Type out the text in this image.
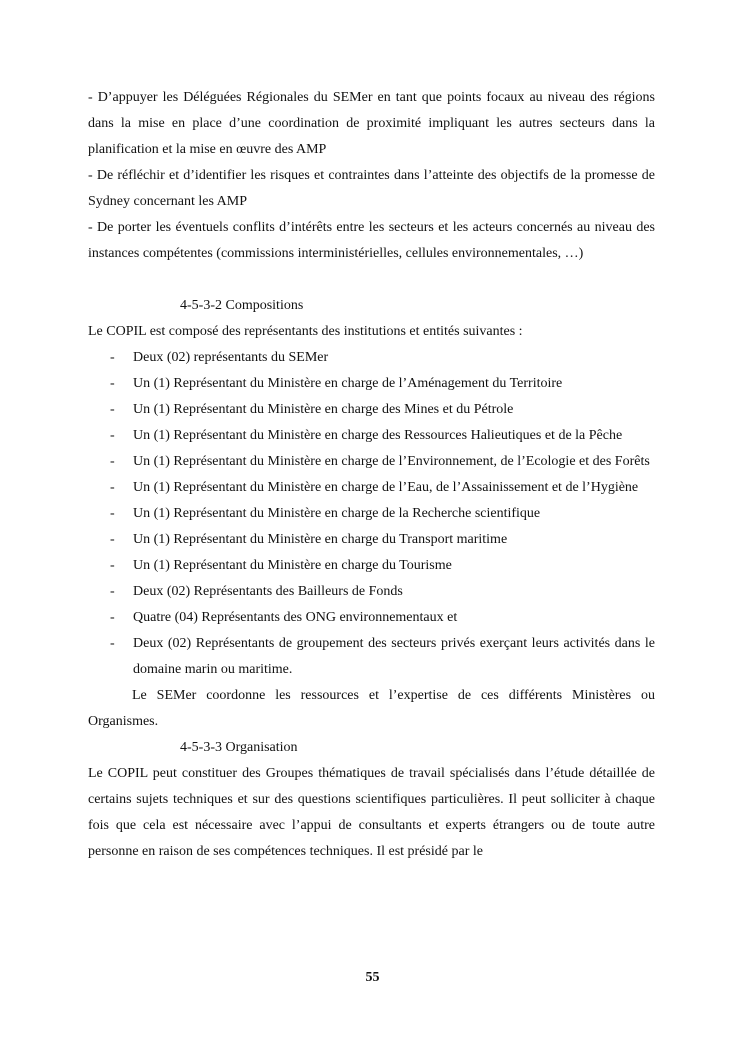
- D’appuyer les Déléguées Régionales du SEMer en tant que points focaux au niveau des régions dans la mise en place d’une coordination de proximité impliquant les autres secteurs dans la planification et la mise en œuvre des AMP

- De réfléchir et d’identifier les risques et contraintes dans l’atteinte des objectifs de la promesse de Sydney concernant les AMP

- De porter les éventuels conflits d’intérêts entre les secteurs et les acteurs concernés au niveau des instances compétentes (commissions interministérielles, cellules environnementales, …)

4-5-3-2 Compositions

Le COPIL est composé des représentants des institutions et entités suivantes :

- Deux (02) représentants du SEMer
- Un (1) Représentant du Ministère en charge de l’Aménagement du Territoire
- Un (1) Représentant du Ministère en charge des Mines et du Pétrole
- Un (1) Représentant du Ministère en charge des Ressources Halieutiques et de la Pêche
- Un (1) Représentant du Ministère en charge de l’Environnement, de l’Ecologie et des Forêts
- Un (1) Représentant du Ministère en charge de l’Eau, de l’Assainissement et de l’Hygiène
- Un (1) Représentant du Ministère en charge de la Recherche scientifique
- Un (1) Représentant du Ministère en charge du Transport maritime
- Un (1) Représentant du Ministère en charge du Tourisme
- Deux (02) Représentants des Bailleurs de Fonds
- Quatre (04) Représentants des ONG environnementaux et
- Deux (02) Représentants de groupement des secteurs privés exerçant leurs activités dans le domaine marin ou maritime.

Le SEMer coordonne les ressources et l’expertise de ces différents Ministères ou Organismes.

4-5-3-3 Organisation

Le COPIL peut constituer des Groupes thématiques de travail spécialisés dans l’étude détaillée de certains sujets techniques et sur des questions scientifiques particulières. Il peut solliciter à chaque fois que cela est nécessaire avec l’appui de consultants et experts étrangers ou de toute autre personne en raison de ses compétences techniques. Il est présidé par le

55
